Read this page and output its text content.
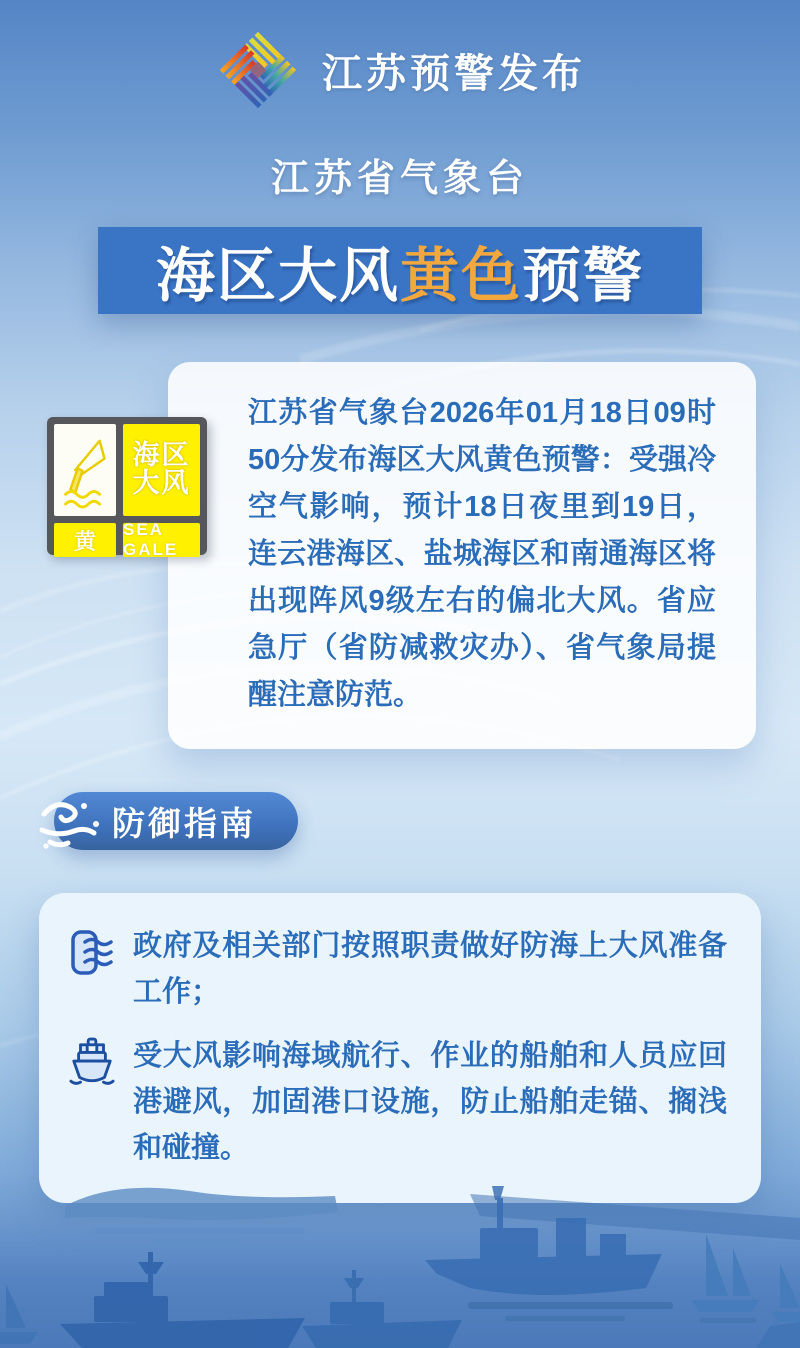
江苏预警发布
江苏省气象台
海区大风黄色预警
江苏省气象台2026年01月18日09时50分发布海区大风黄色预警：受强冷空气影响，预计18日夜里到19日，连云港海区、盐城海区和南通海区将出现阵风9级左右的偏北大风。省应急厅（省防减救灾办）、省气象局提醒注意防范。
海区
大风
黄 SEA GALE
防御指南
政府及相关部门按照职责做好防海上大风准备工作；
受大风影响海域航行、作业的船舶和人员应回港避风，加固港口设施，防止船舶走锚、搁浅和碰撞。
